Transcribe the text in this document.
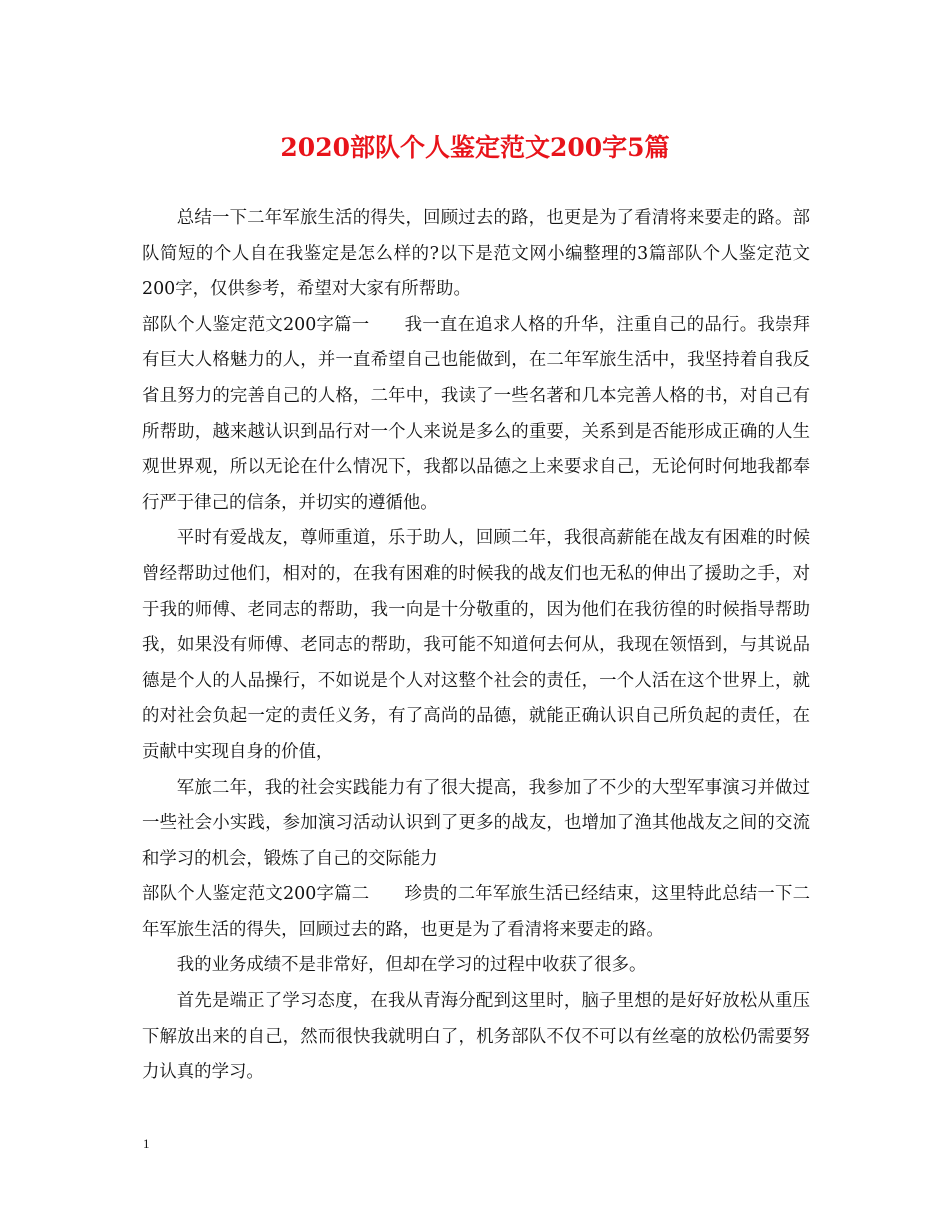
2020部队个人鉴定范文200字5篇

总结一下二年军旅生活的得失，回顾过去的路，也更是为了看清将来要走的路。部队简短的个人自在我鉴定是怎么样的?以下是范文网小编整理的3篇部队个人鉴定范文200字，仅供参考，希望对大家有所帮助。

部队个人鉴定范文200字篇一　　我一直在追求人格的升华，注重自己的品行。我崇拜有巨大人格魅力的人，并一直希望自己也能做到，在二年军旅生活中，我坚持着自我反省且努力的完善自己的人格，二年中，我读了一些名著和几本完善人格的书，对自己有所帮助，越来越认识到品行对一个人来说是多么的重要，关系到是否能形成正确的人生观世界观，所以无论在什么情况下，我都以品德之上来要求自己，无论何时何地我都奉行严于律己的信条，并切实的遵循他。

平时有爱战友，尊师重道，乐于助人，回顾二年，我很高薪能在战友有困难的时候曾经帮助过他们，相对的，在我有困难的时候我的战友们也无私的伸出了援助之手，对于我的师傅、老同志的帮助，我一向是十分敬重的，因为他们在我彷徨的时候指导帮助我，如果没有师傅、老同志的帮助，我可能不知道何去何从，我现在领悟到，与其说品德是个人的人品操行，不如说是个人对这整个社会的责任，一个人活在这个世界上，就的对社会负起一定的责任义务，有了高尚的品德，就能正确认识自己所负起的责任，在贡献中实现自身的价值，

军旅二年，我的社会实践能力有了很大提高，我参加了不少的大型军事演习并做过一些社会小实践，参加演习活动认识到了更多的战友，也增加了渔其他战友之间的交流和学习的机会，锻炼了自己的交际能力

部队个人鉴定范文200字篇二　　珍贵的二年军旅生活已经结束，这里特此总结一下二年军旅生活的得失，回顾过去的路，也更是为了看清将来要走的路。

我的业务成绩不是非常好，但却在学习的过程中收获了很多。

首先是端正了学习态度，在我从青海分配到这里时，脑子里想的是好好放松从重压下解放出来的自己，然而很快我就明白了，机务部队不仅不可以有丝毫的放松仍需要努力认真的学习。

1
